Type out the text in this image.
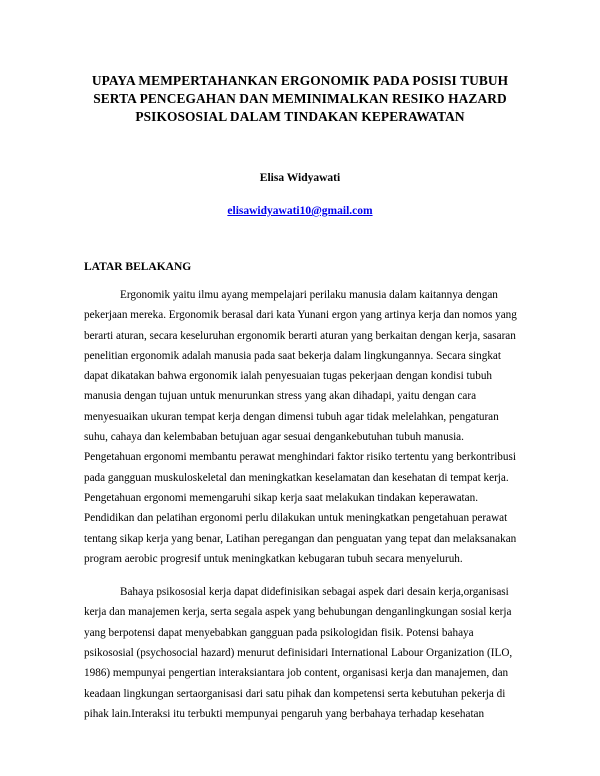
UPAYA MEMPERTAHANKAN ERGONOMIK PADA POSISI TUBUH
SERTA PENCEGAHAN DAN MEMINIMALKAN RESIKO HAZARD
PSIKOSOSIAL DALAM TINDAKAN KEPERAWATAN
Elisa Widyawati
elisawidyawati10@gmail.com
LATAR BELAKANG
Ergonomik yaitu ilmu ayang mempelajari perilaku manusia dalam kaitannya dengan
pekerjaan mereka. Ergonomik berasal dari kata Yunani ergon yang artinya kerja dan nomos yang
berarti aturan, secara keseluruhan ergonomik berarti aturan yang berkaitan dengan kerja, sasaran
penelitian ergonomik adalah manusia pada saat bekerja dalam lingkungannya. Secara singkat
dapat dikatakan bahwa ergonomik ialah penyesuaian tugas pekerjaan dengan kondisi tubuh
manusia dengan tujuan untuk menurunkan stress yang akan dihadapi, yaitu dengan cara
menyesuaikan ukuran tempat kerja dengan dimensi tubuh agar tidak melelahkan, pengaturan
suhu, cahaya dan kelembaban betujuan agar sesuai dengankebutuhan tubuh manusia.
Pengetahuan ergonomi membantu perawat menghindari faktor risiko tertentu yang berkontribusi
pada gangguan muskuloskeletal dan meningkatkan keselamatan dan kesehatan di tempat kerja.
Pengetahuan ergonomi memengaruhi sikap kerja saat melakukan tindakan keperawatan.
Pendidikan dan pelatihan ergonomi perlu dilakukan untuk meningkatkan pengetahuan perawat
tentang sikap kerja yang benar, Latihan peregangan dan penguatan yang tepat dan melaksanakan
program aerobic progresif untuk meningkatkan kebugaran tubuh secara menyeluruh.
Bahaya psikososial kerja dapat didefinisikan sebagai aspek dari desain kerja,organisasi
kerja dan manajemen kerja, serta segala aspek yang behubungan denganlingkungan sosial kerja
yang berpotensi dapat menyebabkan gangguan pada psikologidan fisik. Potensi bahaya
psikososial (psychosocial hazard) menurut definisidari International Labour Organization (ILO,
1986) mempunyai pengertian interaksiantara job content, organisasi kerja dan manajemen, dan
keadaan lingkungan sertaorganisasi dari satu pihak dan kompetensi serta kebutuhan pekerja di
pihak lain.Interaksi itu terbukti mempunyai pengaruh yang berbahaya terhadap kesehatan
